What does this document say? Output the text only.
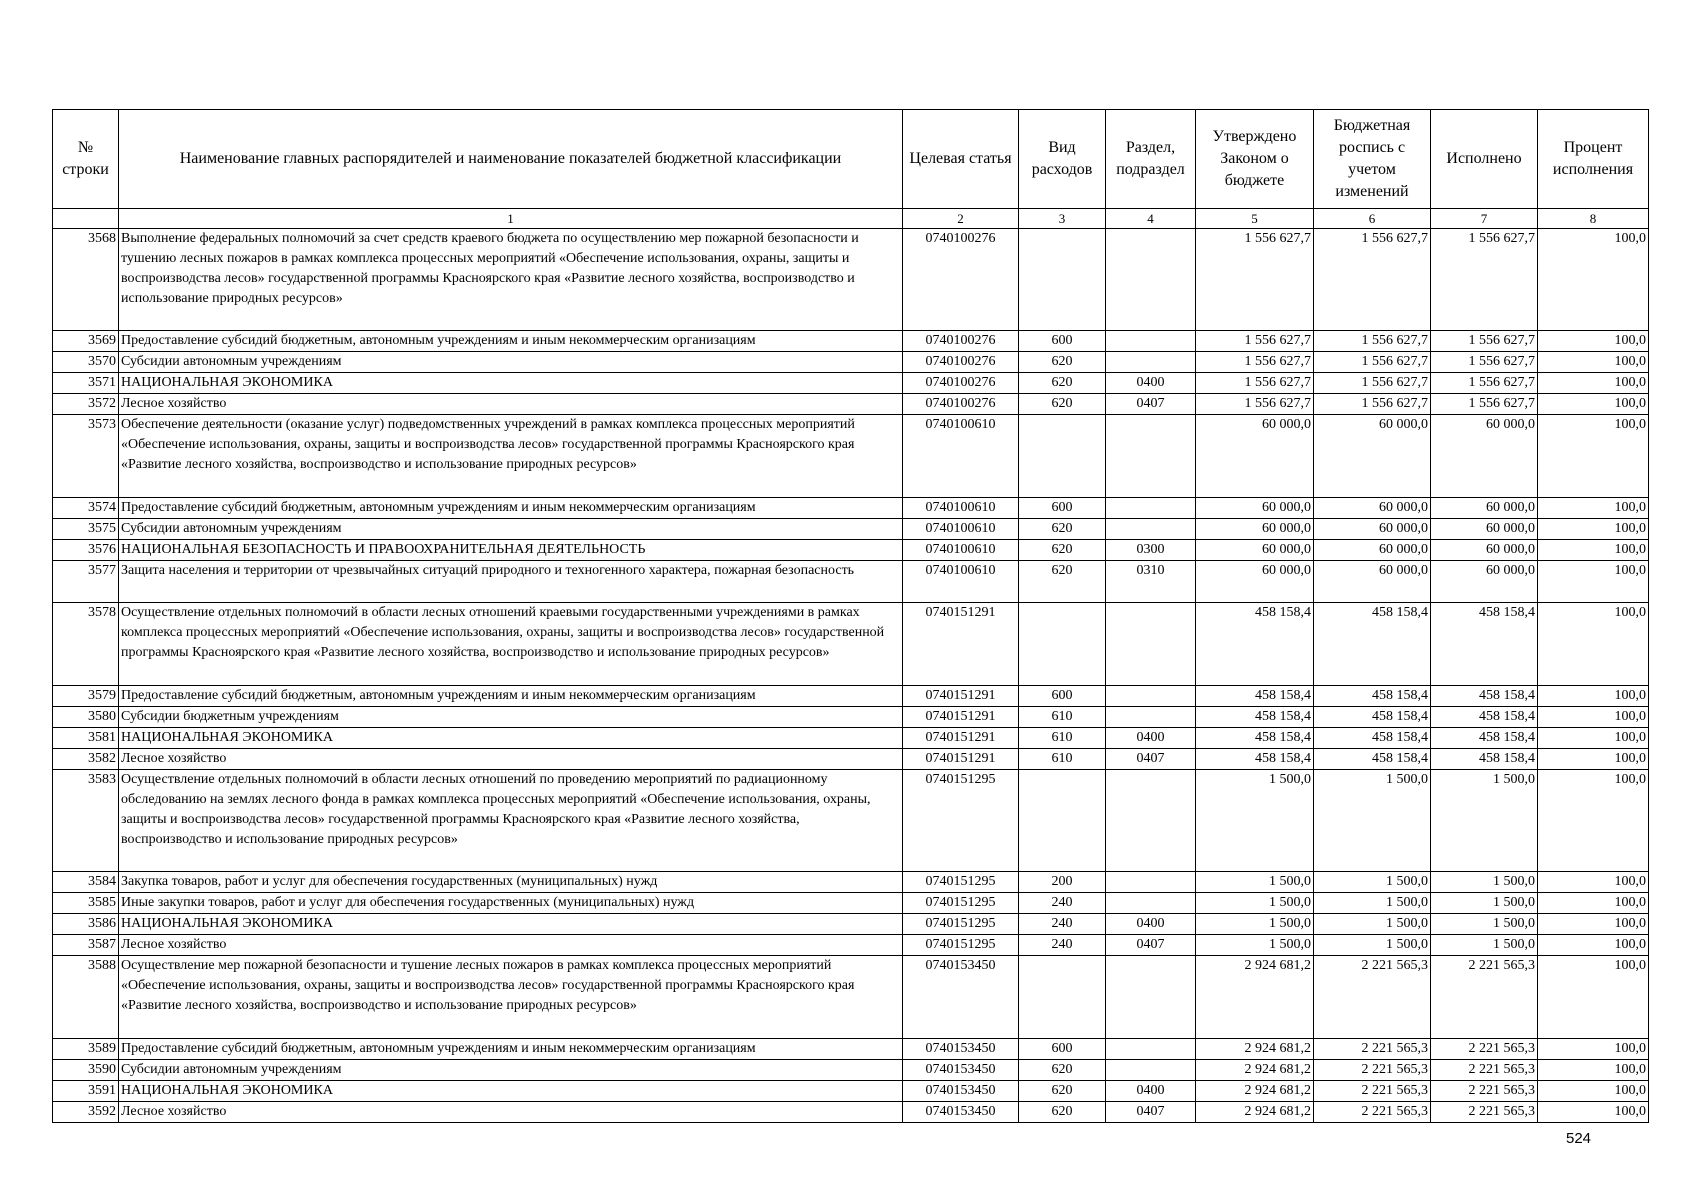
№ строки	Наименование главных распорядителей и наименование показателей бюджетной классификации	Целевая статья	Вид расходов	Раздел, подраздел	Утверждено Законом о бюджете	Бюджетная роспись с учетом изменений	Исполнено	Процент исполнения
	1	2	3	4	5	6	7	8
3568	Выполнение федеральных полномочий за счет средств краевого бюджета по осуществлению мер пожарной безопасности и тушению лесных пожаров в рамках комплекса процессных мероприятий «Обеспечение использования, охраны, защиты и воспроизводства лесов» государственной программы Красноярского края «Развитие лесного хозяйства, воспроизводство и использование природных ресурсов»	0740100276			1 556 627,7	1 556 627,7	1 556 627,7	100,0
3569	Предоставление субсидий бюджетным, автономным учреждениям и иным некоммерческим организациям	0740100276	600		1 556 627,7	1 556 627,7	1 556 627,7	100,0
3570	Субсидии автономным учреждениям	0740100276	620		1 556 627,7	1 556 627,7	1 556 627,7	100,0
3571	НАЦИОНАЛЬНАЯ ЭКОНОМИКА	0740100276	620	0400	1 556 627,7	1 556 627,7	1 556 627,7	100,0
3572	Лесное хозяйство	0740100276	620	0407	1 556 627,7	1 556 627,7	1 556 627,7	100,0
3573	Обеспечение деятельности (оказание услуг) подведомственных учреждений в рамках комплекса процессных мероприятий «Обеспечение использования, охраны, защиты и воспроизводства лесов» государственной программы Красноярского края «Развитие лесного хозяйства, воспроизводство и использование природных ресурсов»	0740100610			60 000,0	60 000,0	60 000,0	100,0
3574	Предоставление субсидий бюджетным, автономным учреждениям и иным некоммерческим организациям	0740100610	600		60 000,0	60 000,0	60 000,0	100,0
3575	Субсидии автономным учреждениям	0740100610	620		60 000,0	60 000,0	60 000,0	100,0
3576	НАЦИОНАЛЬНАЯ БЕЗОПАСНОСТЬ И ПРАВООХРАНИТЕЛЬНАЯ ДЕЯТЕЛЬНОСТЬ	0740100610	620	0300	60 000,0	60 000,0	60 000,0	100,0
3577	Защита населения и территории от чрезвычайных ситуаций природного и техногенного характера, пожарная безопасность	0740100610	620	0310	60 000,0	60 000,0	60 000,0	100,0
3578	Осуществление отдельных полномочий в области лесных отношений краевыми государственными учреждениями в рамках комплекса процессных мероприятий «Обеспечение использования, охраны, защиты и воспроизводства лесов» государственной программы Красноярского края «Развитие лесного хозяйства, воспроизводство и использование природных ресурсов»	0740151291			458 158,4	458 158,4	458 158,4	100,0
3579	Предоставление субсидий бюджетным, автономным учреждениям и иным некоммерческим организациям	0740151291	600		458 158,4	458 158,4	458 158,4	100,0
3580	Субсидии бюджетным учреждениям	0740151291	610		458 158,4	458 158,4	458 158,4	100,0
3581	НАЦИОНАЛЬНАЯ ЭКОНОМИКА	0740151291	610	0400	458 158,4	458 158,4	458 158,4	100,0
3582	Лесное хозяйство	0740151291	610	0407	458 158,4	458 158,4	458 158,4	100,0
3583	Осуществление отдельных полномочий в области лесных отношений по проведению мероприятий по радиационному обследованию на землях лесного фонда в рамках комплекса процессных мероприятий «Обеспечение использования, охраны, защиты и воспроизводства лесов» государственной программы Красноярского края «Развитие лесного хозяйства, воспроизводство и использование природных ресурсов»	0740151295			1 500,0	1 500,0	1 500,0	100,0
3584	Закупка товаров, работ и услуг для обеспечения государственных (муниципальных) нужд	0740151295	200		1 500,0	1 500,0	1 500,0	100,0
3585	Иные закупки товаров, работ и услуг для обеспечения государственных (муниципальных) нужд	0740151295	240		1 500,0	1 500,0	1 500,0	100,0
3586	НАЦИОНАЛЬНАЯ ЭКОНОМИКА	0740151295	240	0400	1 500,0	1 500,0	1 500,0	100,0
3587	Лесное хозяйство	0740151295	240	0407	1 500,0	1 500,0	1 500,0	100,0
3588	Осуществление мер пожарной безопасности и тушение лесных пожаров в рамках комплекса процессных мероприятий «Обеспечение использования, охраны, защиты и воспроизводства лесов» государственной программы Красноярского края «Развитие лесного хозяйства, воспроизводство и использование природных ресурсов»	0740153450			2 924 681,2	2 221 565,3	2 221 565,3	100,0
3589	Предоставление субсидий бюджетным, автономным учреждениям и иным некоммерческим организациям	0740153450	600		2 924 681,2	2 221 565,3	2 221 565,3	100,0
3590	Субсидии автономным учреждениям	0740153450	620		2 924 681,2	2 221 565,3	2 221 565,3	100,0
3591	НАЦИОНАЛЬНАЯ ЭКОНОМИКА	0740153450	620	0400	2 924 681,2	2 221 565,3	2 221 565,3	100,0
3592	Лесное хозяйство	0740153450	620	0407	2 924 681,2	2 221 565,3	2 221 565,3	100,0
524
